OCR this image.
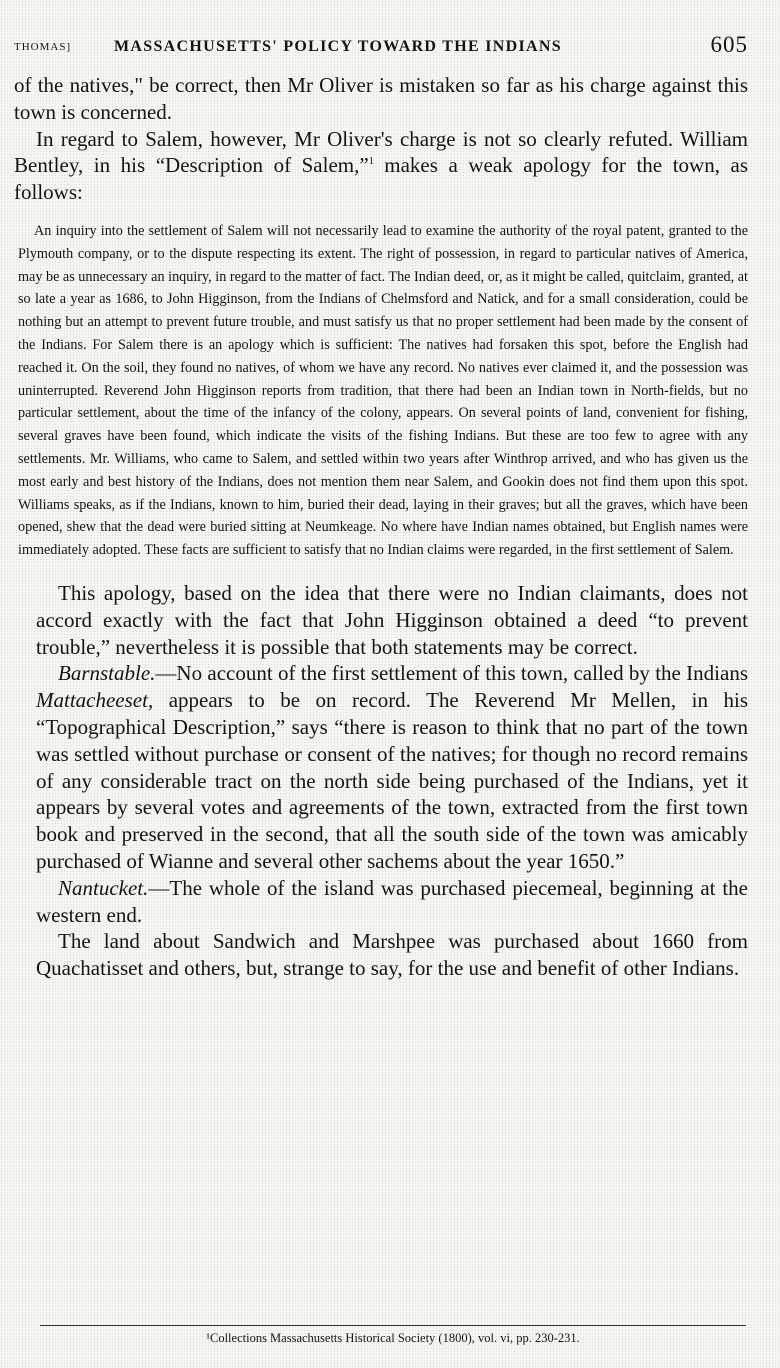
THOMAS]	MASSACHUSETTS' POLICY TOWARD THE INDIANS	605

of the natives," be correct, then Mr Oliver is mistaken so far as his charge against this town is concerned.

In regard to Salem, however, Mr Oliver's charge is not so clearly refuted. William Bentley, in his “Description of Salem,”$^1$ makes a weak apology for the town, as follows:

An inquiry into the settlement of Salem will not necessarily lead to examine the authority of the royal patent, granted to the Plymouth company, or to the dispute respecting its extent. The right of possession, in regard to particular natives of America, may be as unnecessary an inquiry, in regard to the matter of fact. The Indian deed, or, as it might be called, quitclaim, granted, at so late a year as 1686, to John Higginson, from the Indians of Chelmsford and Natick, and for a small consideration, could be nothing but an attempt to prevent future trouble, and must satisfy us that no proper settlement had been made by the consent of the Indians. For Salem there is an apology which is sufficient: The natives had forsaken this spot, before the English had reached it. On the soil, they found no natives, of whom we have any record. No natives ever claimed it, and the possession was uninterrupted. Reverend John Higginson reports from tradition, that there had been an Indian town in North-fields, but no particular settlement, about the time of the infancy of the colony, appears. On several points of land, convenient for fishing, several graves have been found, which indicate the visits of the fishing Indians. But these are too few to agree with any settlements. Mr. Williams, who came to Salem, and settled within two years after Winthrop arrived, and who has given us the most early and best history of the Indians, does not mention them near Salem, and Gookin does not find them upon this spot. Williams speaks, as if the Indians, known to him, buried their dead, laying in their graves; but all the graves, which have been opened, shew that the dead were buried sitting at Neumkeage. No where have Indian names obtained, but English names were immediately adopted. These facts are sufficient to satisfy that no Indian claims were regarded, in the first settlement of Salem.

This apology, based on the idea that there were no Indian claimants, does not accord exactly with the fact that John Higginson obtained a deed “to prevent trouble,” nevertheless it is possible that both statements may be correct.

Barnstable.—No account of the first settlement of this town, called by the Indians Mattacheeset, appears to be on record. The Reverend Mr Mellen, in his “Topographical Description,” says “there is reason to think that no part of the town was settled without purchase or consent of the natives; for though no record remains of any considerable tract on the north side being purchased of the Indians, yet it appears by several votes and agreements of the town, extracted from the first town book and preserved in the second, that all the south side of the town was amicably purchased of Wianne and several other sachems about the year 1650.”

Nantucket.—The whole of the island was purchased piecemeal, beginning at the western end.

The land about Sandwich and Marshpee was purchased about 1660 from Quachatisset and others, but, strange to say, for the use and benefit of other Indians.

¹Collections Massachusetts Historical Society (1800), vol. vi, pp. 230-231.
